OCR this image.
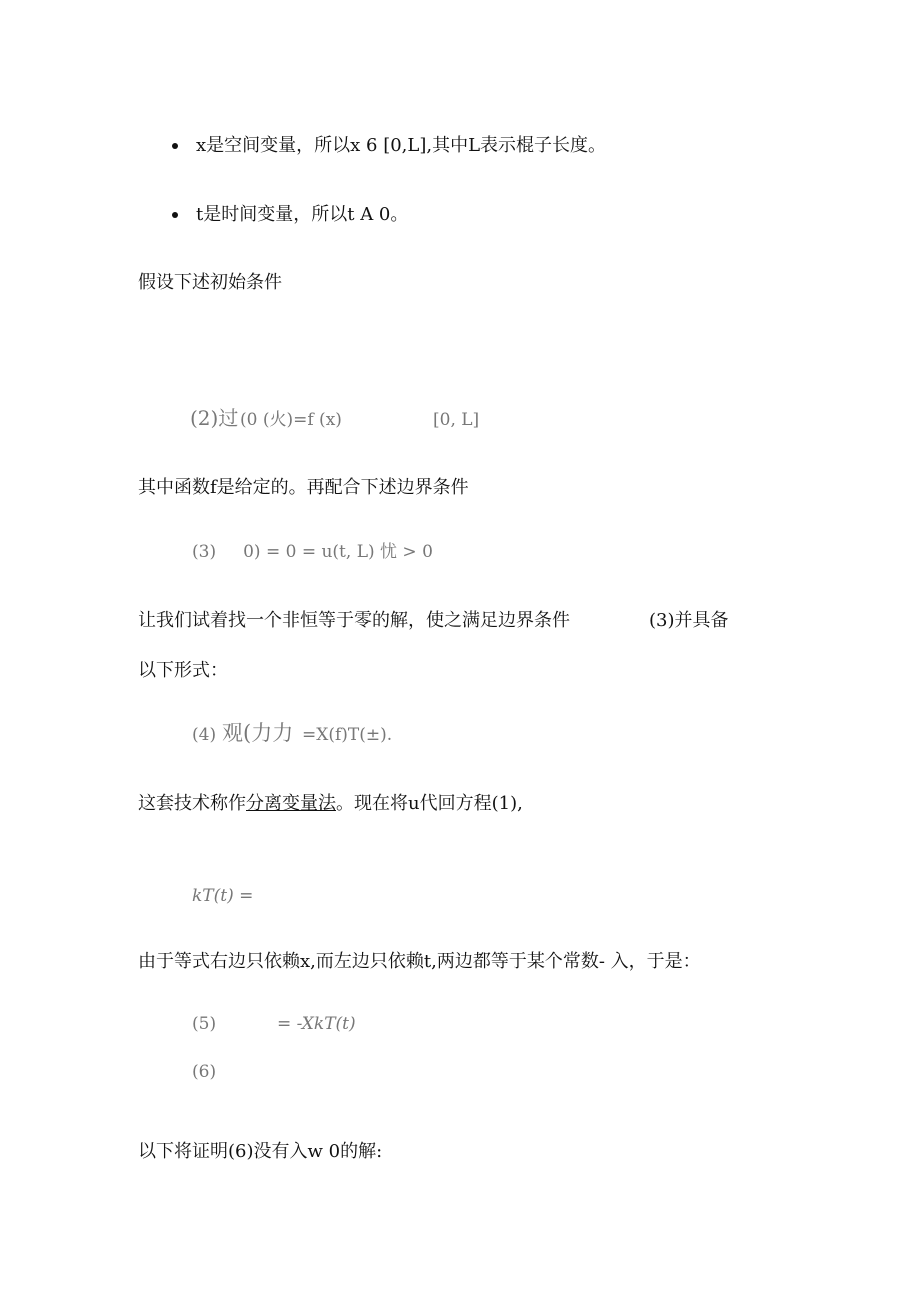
x是空间变量，所以x 6 [0,L],其中L表示棍子长度。
t是时间变量，所以t A 0。
假设下述初始条件
(2)过 (0 (⽕)=f (x)	[0, L]
其中函数f是给定的。再配合下述边界条件
(3)     0) = 0 = u(t, L) 忧 > 0
让我们试着找一个非恒等于零的解，使之满足边界条件	(3)并具备
以下形式：
(4) 观(力力 =X(f)T(±).
这套技术称作分离变量法。现在将u代回方程(1),
kT(t) =
由于等式右边只依赖x,而左边只依赖t,两边都等于某个常数- 入，于是：
(5)	= -XkT(t)
(6)
以下将证明(6)没有入w 0的解:
